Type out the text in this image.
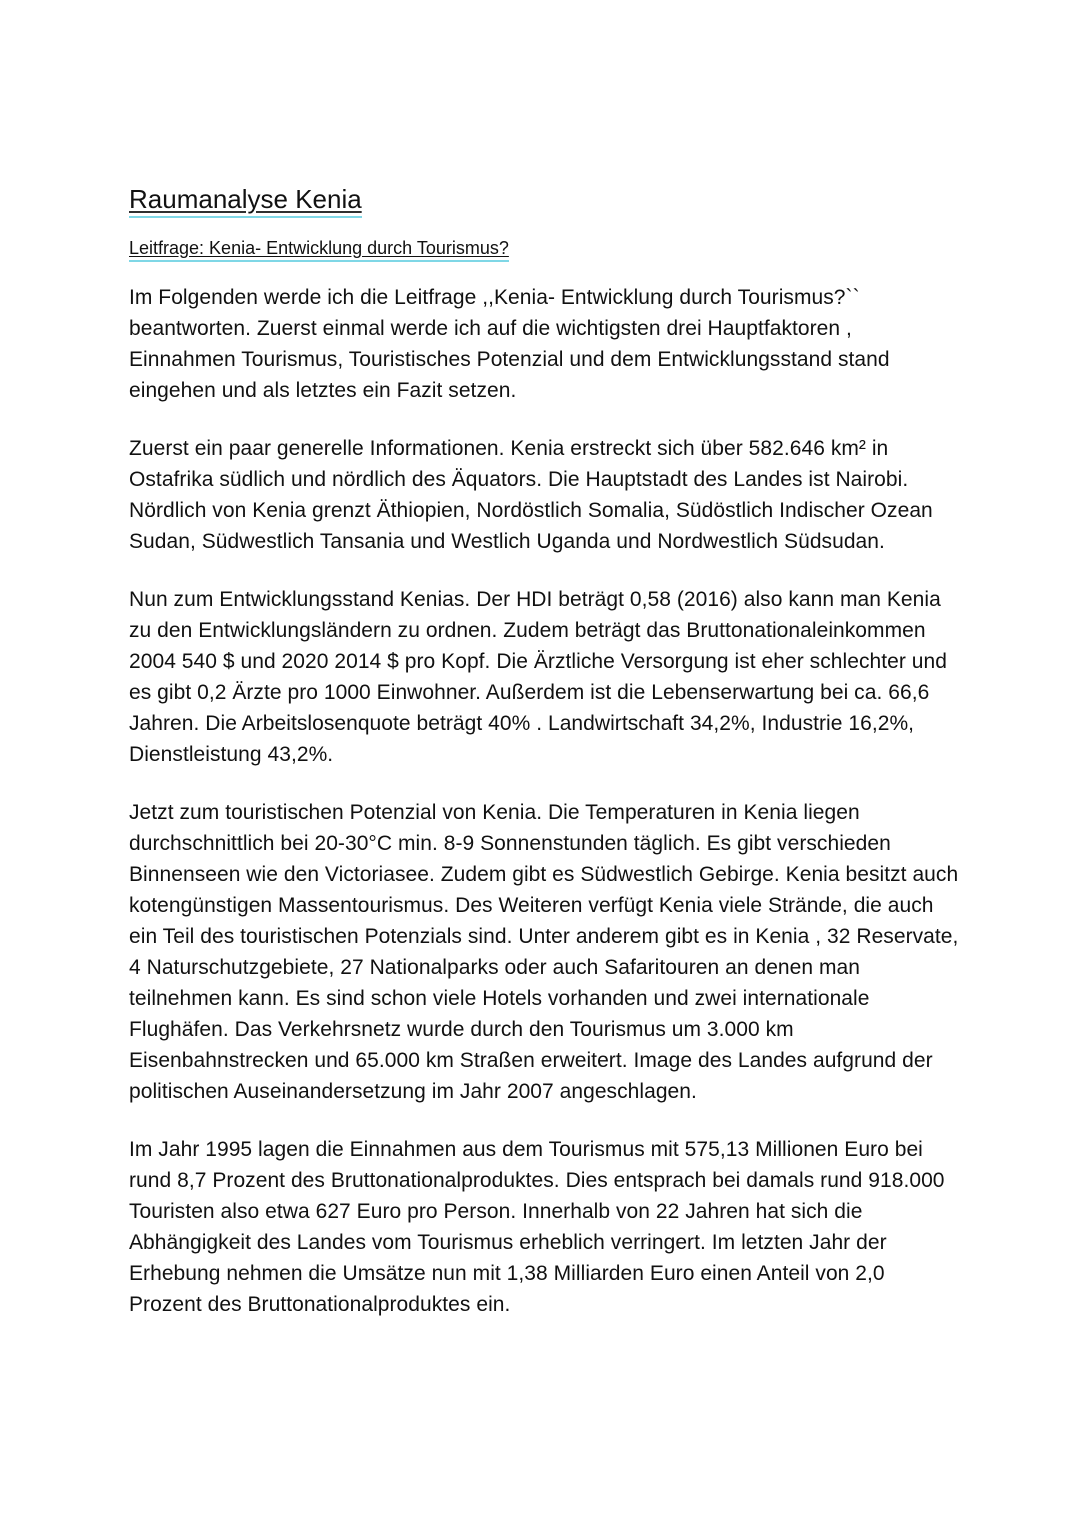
Raumanalyse Kenia
Leitfrage: Kenia- Entwicklung durch Tourismus?

Im Folgenden werde ich die Leitfrage ,,Kenia- Entwicklung durch Tourismus?`` beantworten. Zuerst einmal werde ich auf die wichtigsten drei Hauptfaktoren , Einnahmen Tourismus, Touristisches Potenzial und dem Entwicklungsstand stand eingehen und als letztes ein Fazit setzen.

Zuerst ein paar generelle Informationen. Kenia erstreckt sich über 582.646 km² in Ostafrika südlich und nördlich des Äquators. Die Hauptstadt des Landes ist Nairobi. Nördlich von Kenia grenzt Äthiopien, Nordöstlich Somalia, Südöstlich Indischer Ozean Sudan, Südwestlich Tansania und Westlich Uganda und Nordwestlich Südsudan.

Nun zum Entwicklungsstand Kenias. Der HDI beträgt 0,58 (2016) also kann man Kenia zu den Entwicklungsländern zu ordnen. Zudem beträgt das Bruttonationaleinkommen 2004 540 $ und 2020 2014 $ pro Kopf. Die Ärztliche Versorgung ist eher schlechter und es gibt 0,2 Ärzte pro 1000 Einwohner. Außerdem ist die Lebenserwartung bei ca. 66,6 Jahren. Die Arbeitslosenquote beträgt 40% . Landwirtschaft 34,2%, Industrie 16,2%, Dienstleistung 43,2%.

Jetzt zum touristischen Potenzial von Kenia. Die Temperaturen in Kenia liegen durchschnittlich bei 20-30°C min. 8-9 Sonnenstunden täglich. Es gibt verschieden Binnenseen wie den Victoriasee. Zudem gibt es Südwestlich Gebirge. Kenia besitzt auch kotengünstigen Massentourismus. Des Weiteren verfügt Kenia viele Strände, die auch ein Teil des touristischen Potenzials sind. Unter anderem gibt es in Kenia , 32 Reservate, 4 Naturschutzgebiete, 27 Nationalparks oder auch Safaritouren an denen man teilnehmen kann. Es sind schon viele Hotels vorhanden und zwei internationale Flughäfen. Das Verkehrsnetz wurde durch den Tourismus um 3.000 km Eisenbahnstrecken und 65.000 km Straßen erweitert. Image des Landes aufgrund der politischen Auseinandersetzung im Jahr 2007 angeschlagen.

Im Jahr 1995 lagen die Einnahmen aus dem Tourismus mit 575,13 Millionen Euro bei rund 8,7 Prozent des Bruttonationalproduktes. Dies entsprach bei damals rund 918.000 Touristen also etwa 627 Euro pro Person. Innerhalb von 22 Jahren hat sich die Abhängigkeit des Landes vom Tourismus erheblich verringert. Im letzten Jahr der Erhebung nehmen die Umsätze nun mit 1,38 Milliarden Euro einen Anteil von 2,0 Prozent des Bruttonationalproduktes ein.
